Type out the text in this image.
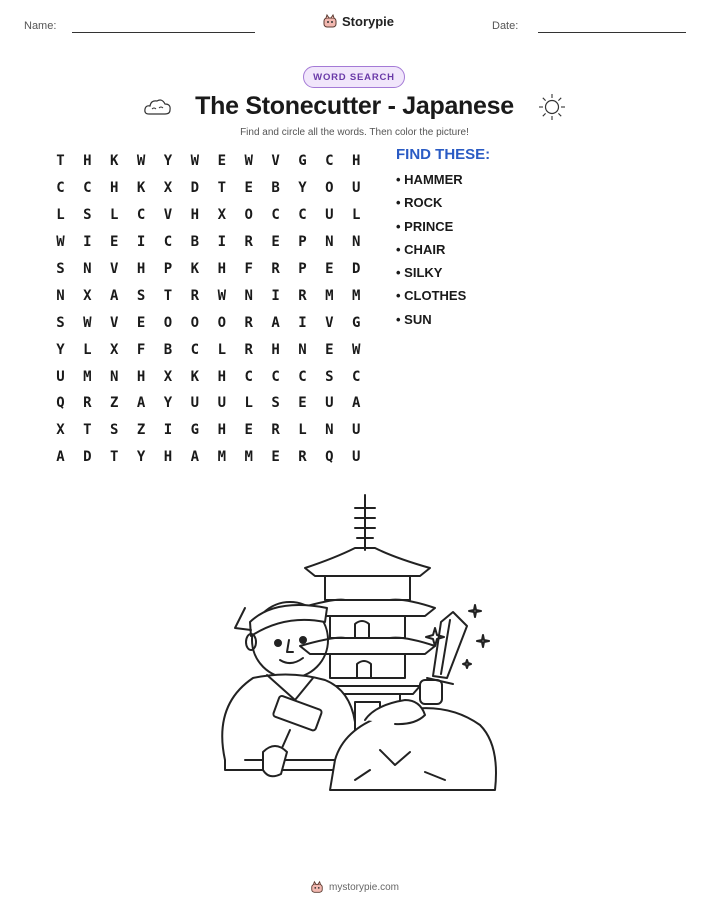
Name:	Storypie	Date:
WORD SEARCH
The Stonecutter - Japanese
Find and circle all the words. Then color the picture!
T	H	K	W	Y	W	E	W	V	G	C	H
C	C	H	K	X	D	T	E	B	Y	O	U
L	S	L	C	V	H	X	O	C	C	U	L
W	I	E	I	C	B	I	R	E	P	N	N
S	N	V	H	P	K	H	F	R	P	E	D
N	X	A	S	T	R	W	N	I	R	M	M
S	W	V	E	O	O	O	R	A	I	V	G
Y	L	X	F	B	C	L	R	H	N	E	W
U	M	N	H	X	K	H	C	C	C	S	C
Q	R	Z	A	Y	U	U	L	S	E	U	A
X	T	S	Z	I	G	H	E	R	L	N	U
A	D	T	Y	H	A	M	M	E	R	Q	U
FIND THESE:
• HAMMER
• ROCK
• PRINCE
• CHAIR
• SILKY
• CLOTHES
• SUN
mystorypie.com
